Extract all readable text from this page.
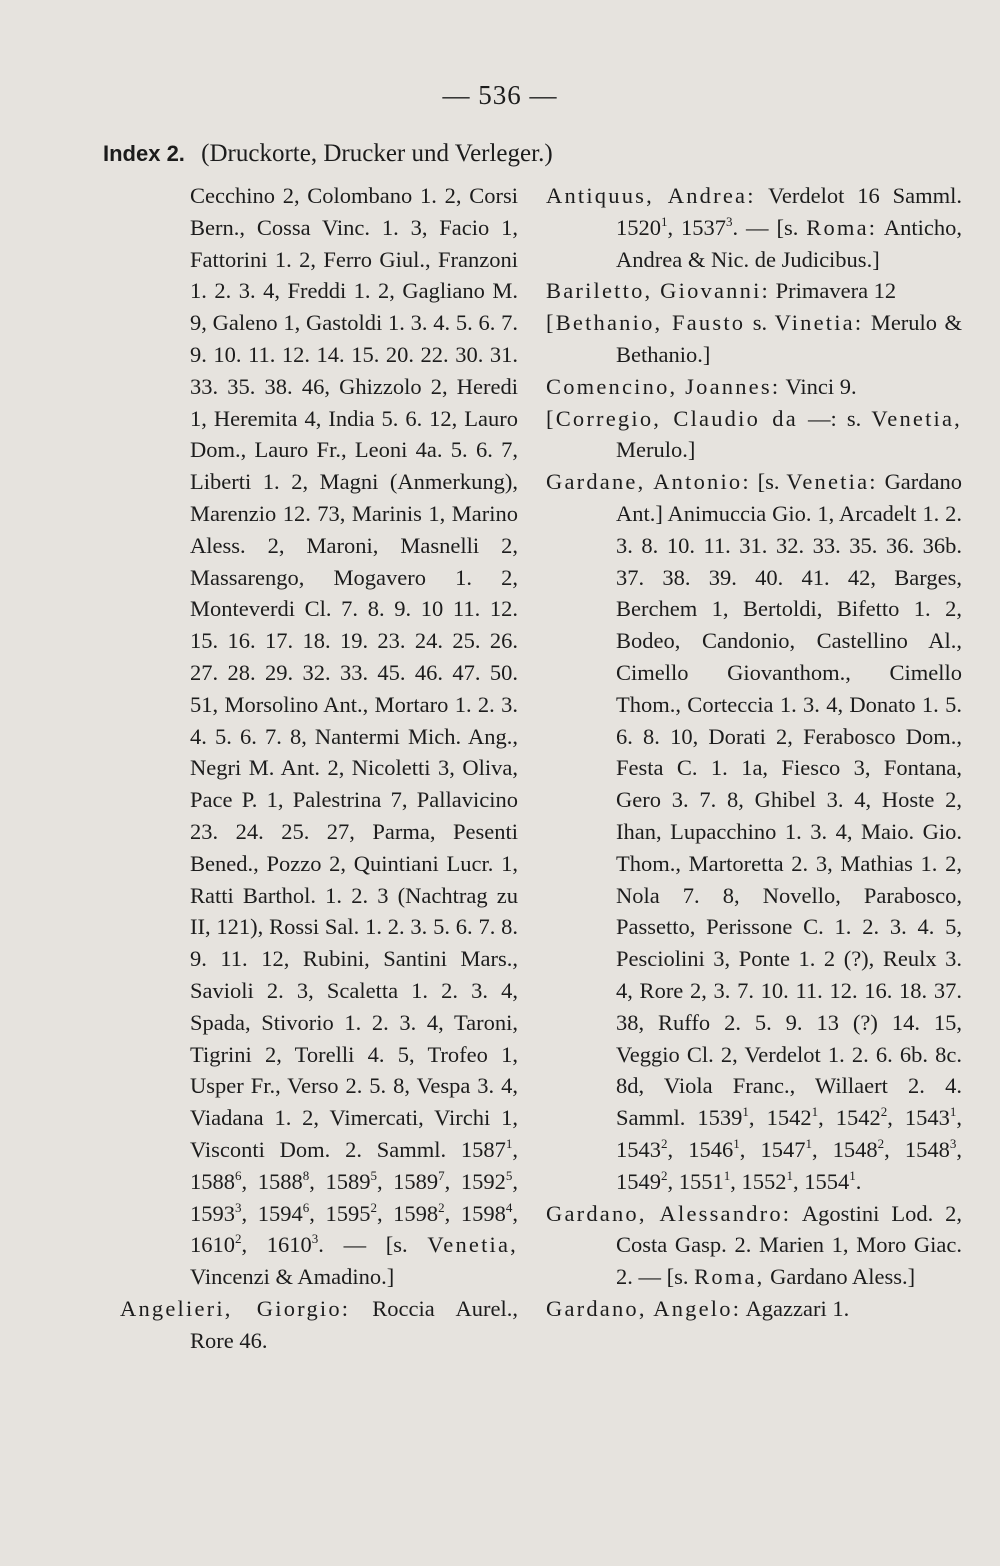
— 536 —
Index 2. (Druckorte, Drucker und Verleger.)

Cecchino 2, Colombano 1. 2, Corsi Bern., Cossa Vinc. 1. 3, Facio 1, Fattorini 1. 2, Ferro Giul., Franzoni 1. 2. 3. 4, Freddi 1. 2, Gagliano M. 9, Galeno 1, Gastoldi 1. 3. 4. 5. 6. 7. 9. 10. 11. 12. 14. 15. 20. 22. 30. 31. 33. 35. 38. 46, Ghizzolo 2, Heredi 1, Heremita 4, India 5. 6. 12, Lauro Dom., Lauro Fr., Leoni 4a. 5. 6. 7, Liberti 1. 2, Magni (Anmerkung), Marenzio 12. 73, Marinis 1, Marino Aless. 2, Maroni, Masnelli 2, Massarengo, Mogavero 1. 2, Monteverdi Cl. 7. 8. 9. 10 11. 12. 15. 16. 17. 18. 19. 23. 24. 25. 26. 27. 28. 29. 32. 33. 45. 46. 47. 50. 51, Morsolino Ant., Mortaro 1. 2. 3. 4. 5. 6. 7. 8, Nantermi Mich. Ang., Negri M. Ant. 2, Nicoletti 3, Oliva, Pace P. 1, Palestrina 7, Pallavicino 23. 24. 25. 27, Parma, Pesenti Bened., Pozzo 2, Quintiani Lucr. 1, Ratti Barthol. 1. 2. 3 (Nachtrag zu II, 121), Rossi Sal. 1. 2. 3. 5. 6. 7. 8. 9. 11. 12, Rubini, Santini Mars., Savioli 2. 3, Scaletta 1. 2. 3. 4, Spada, Stivorio 1. 2. 3. 4, Taroni, Tigrini 2, Torelli 4. 5, Trofeo 1, Usper Fr., Verso 2. 5. 8, Vespa 3. 4, Viadana 1. 2, Vimercati, Virchi 1, Visconti Dom. 2. Samml. 1587$^1$, 1588$^6$, 1588$^8$, 1589$^5$, 1589$^7$, 1592$^5$, 1593$^3$, 1594$^6$, 1595$^2$, 1598$^2$, 1598$^4$, 1610$^2$, 1610$^3$. — [s. Venetia, Vincenzi & Amadino.]

Angelieri, Giorgio: Roccia Aurel., Rore 46.

Antiquus, Andrea: Verdelot 16 Samml. 1520$^1$, 1537$^3$. — [s. Roma: Anticho, Andrea & Nic. de Judicibus.]

Bariletto, Giovanni: Primavera 12

[Bethanio, Fausto s. Vinetia: Merulo & Bethanio.]

Comencino, Joannes: Vinci 9.

[Corregio, Claudio da —: s. Venetia, Merulo.]

Gardane, Antonio: [s. Venetia: Gardano Ant.] Animuccia Gio. 1, Arcadelt 1. 2. 3. 8. 10. 11. 31. 32. 33. 35. 36. 36b. 37. 38. 39. 40. 41. 42, Barges, Berchem 1, Bertoldi, Bifetto 1. 2, Bodeo, Candonio, Castellino Al., Cimello Giovanthom., Cimello Thom., Corteccia 1. 3. 4, Donato 1. 5. 6. 8. 10, Dorati 2, Ferabosco Dom., Festa C. 1. 1a, Fiesco 3, Fontana, Gero 3. 7. 8, Ghibel 3. 4, Hoste 2, Ihan, Lupacchino 1. 3. 4, Maio. Gio. Thom., Martoretta 2. 3, Mathias 1. 2, Nola 7. 8, Novello, Parabosco, Passetto, Perissone C. 1. 2. 3. 4. 5, Pesciolini 3, Ponte 1. 2 (?), Reulx 3. 4, Rore 2, 3. 7. 10. 11. 12. 16. 18. 37. 38, Ruffo 2. 5. 9. 13 (?) 14. 15, Veggio Cl. 2, Verdelot 1. 2. 6. 6b. 8c. 8d, Viola Franc., Willaert 2. 4. Samml. 1539$^1$, 1542$^1$, 1542$^2$, 1543$^1$, 1543$^2$, 1546$^1$, 1547$^1$, 1548$^2$, 1548$^3$, 1549$^2$, 1551$^1$, 1552$^1$, 1554$^1$.

Gardano, Alessandro: Agostini Lod. 2, Costa Gasp. 2. Marien 1, Moro Giac. 2. — [s. Roma, Gardano Aless.]

Gardano, Angelo: Agazzari 1.
